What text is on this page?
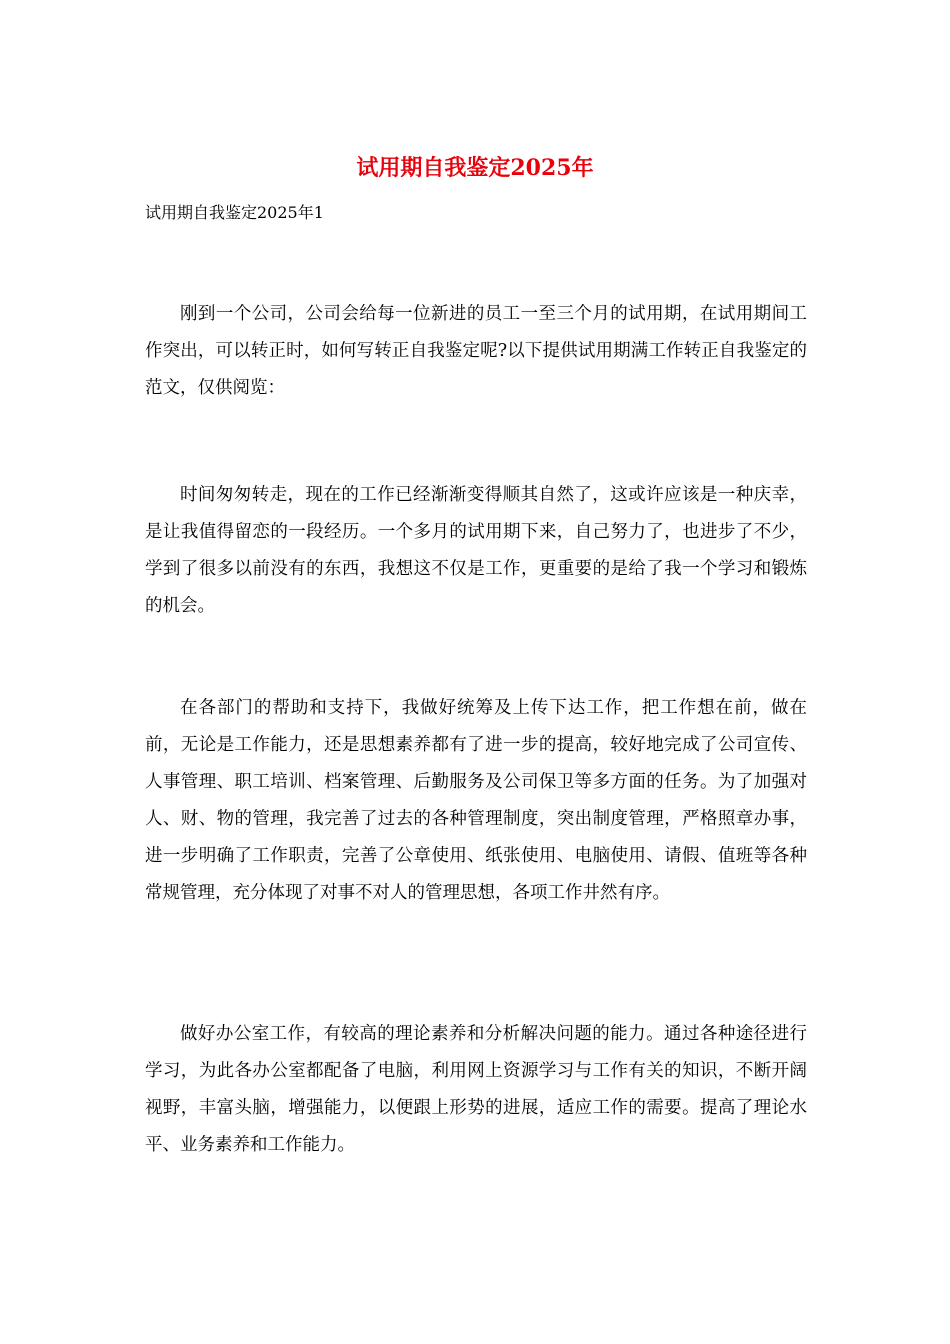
试用期自我鉴定2025年

试用期自我鉴定2025年1

刚到一个公司，公司会给每一位新进的员工一至三个月的试用期，在试用期间工作突出，可以转正时，如何写转正自我鉴定呢?以下提供试用期满工作转正自我鉴定的范文，仅供阅览：

时间匆匆转走，现在的工作已经渐渐变得顺其自然了，这或许应该是一种庆幸，是让我值得留恋的一段经历。一个多月的试用期下来，自己努力了，也进步了不少，学到了很多以前没有的东西，我想这不仅是工作，更重要的是给了我一个学习和锻炼的机会。

在各部门的帮助和支持下，我做好统筹及上传下达工作，把工作想在前，做在前，无论是工作能力，还是思想素养都有了进一步的提高，较好地完成了公司宣传、人事管理、职工培训、档案管理、后勤服务及公司保卫等多方面的任务。为了加强对人、财、物的管理，我完善了过去的各种管理制度，突出制度管理，严格照章办事，进一步明确了工作职责，完善了公章使用、纸张使用、电脑使用、请假、值班等各种常规管理，充分体现了对事不对人的管理思想，各项工作井然有序。

做好办公室工作，有较高的理论素养和分析解决问题的能力。通过各种途径进行学习，为此各办公室都配备了电脑，利用网上资源学习与工作有关的知识，不断开阔视野，丰富头脑，增强能力，以便跟上形势的进展，适应工作的需要。提高了理论水平、业务素养和工作能力。
